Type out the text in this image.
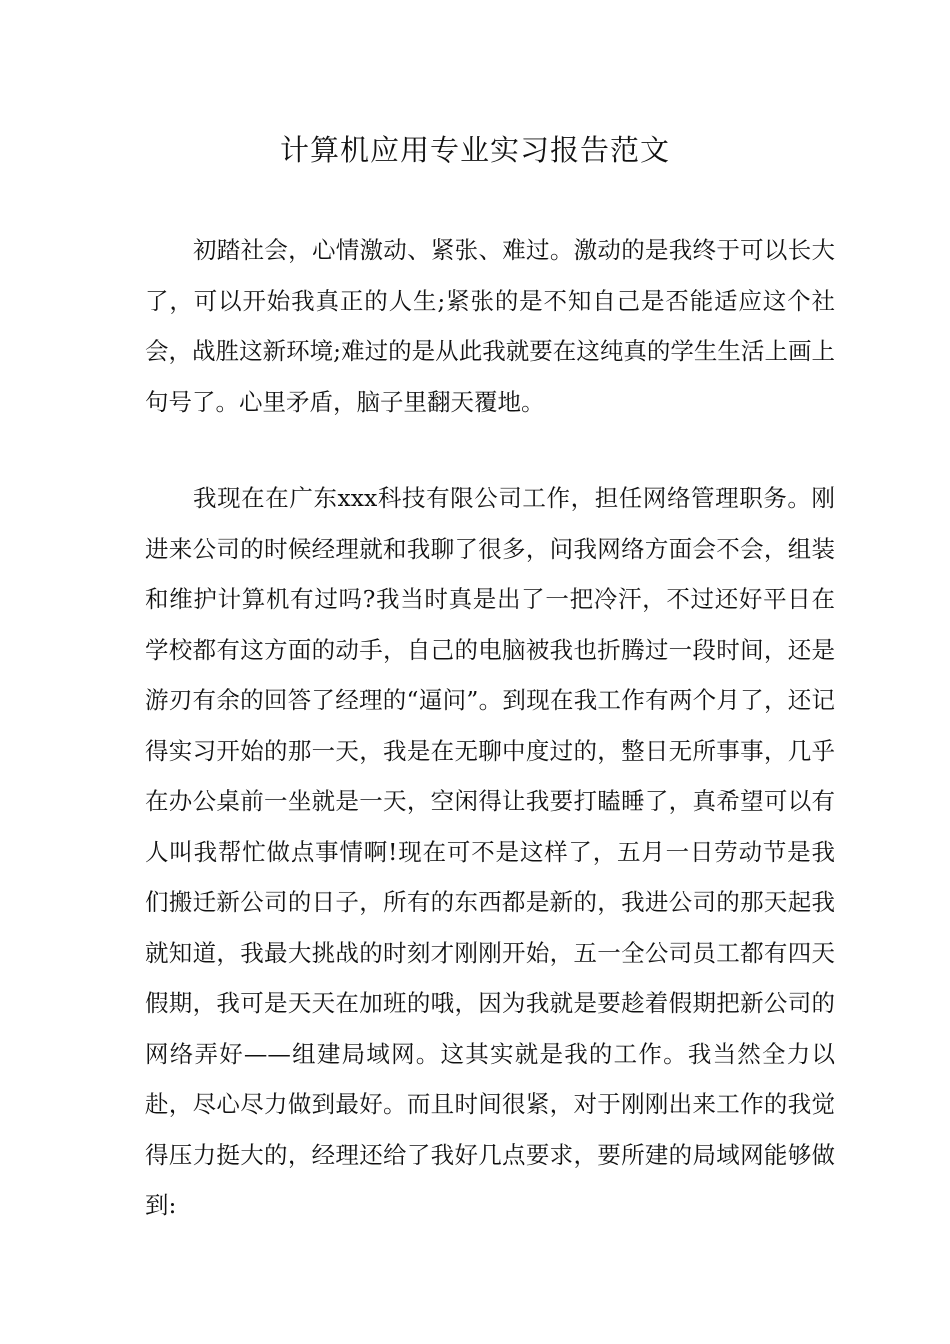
计算机应用专业实习报告范文

初踏社会，心情激动、紧张、难过。激动的是我终于可以长大了，可以开始我真正的人生;紧张的是不知自己是否能适应这个社会，战胜这新环境;难过的是从此我就要在这纯真的学生生活上画上句号了。心里矛盾，脑子里翻天覆地。

我现在在广东xxx科技有限公司工作，担任网络管理职务。刚进来公司的时候经理就和我聊了很多，问我网络方面会不会，组装和维护计算机有过吗?我当时真是出了一把冷汗，不过还好平日在学校都有这方面的动手，自己的电脑被我也折腾过一段时间，还是游刃有余的回答了经理的“逼问”。到现在我工作有两个月了，还记得实习开始的那一天，我是在无聊中度过的，整日无所事事，几乎在办公桌前一坐就是一天，空闲得让我要打瞌睡了，真希望可以有人叫我帮忙做点事情啊!现在可不是这样了，五月一日劳动节是我们搬迁新公司的日子，所有的东西都是新的，我进公司的那天起我就知道，我最大挑战的时刻才刚刚开始，五一全公司员工都有四天假期，我可是天天在加班的哦，因为我就是要趁着假期把新公司的网络弄好——组建局域网。这其实就是我的工作。我当然全力以赴，尽心尽力做到最好。而且时间很紧，对于刚刚出来工作的我觉得压力挺大的，经理还给了我好几点要求，要所建的局域网能够做到:
